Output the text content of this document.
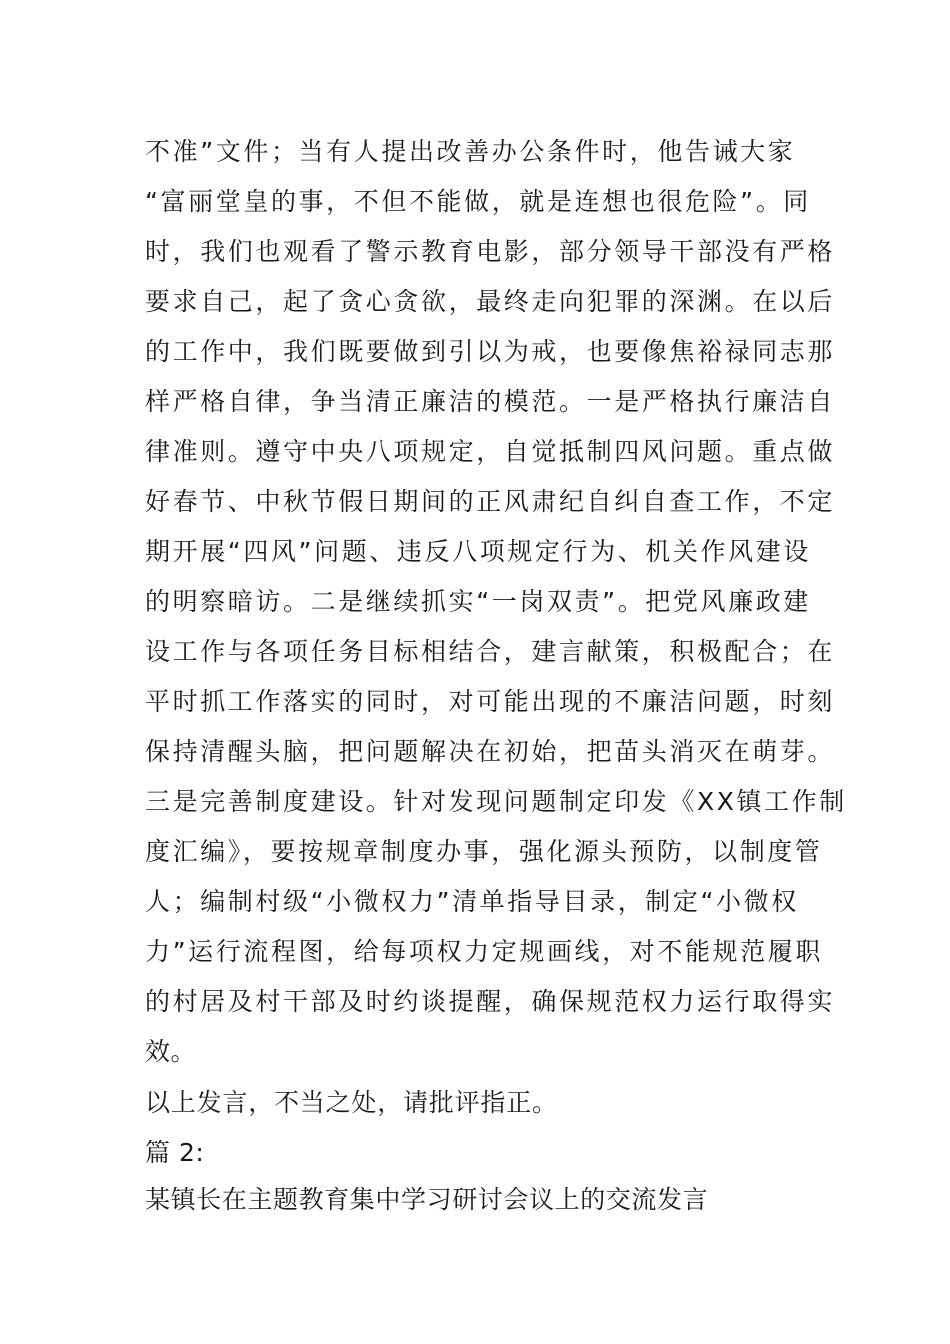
不准”文件；当有人提出改善办公条件时，他告诫大家
“富丽堂皇的事，不但不能做，就是连想也很危险”。同
时，我们也观看了警示教育电影，部分领导干部没有严格
要求自己，起了贪心贪欲，最终走向犯罪的深渊。在以后
的工作中，我们既要做到引以为戒，也要像焦裕禄同志那
样严格自律，争当清正廉洁的模范。一是严格执行廉洁自
律准则。遵守中央八项规定，自觉抵制四风问题。重点做
好春节、中秋节假日期间的正风肃纪自纠自查工作，不定
期开展“四风”问题、违反八项规定行为、机关作风建设
的明察暗访。二是继续抓实“一岗双责”。把党风廉政建
设工作与各项任务目标相结合，建言献策，积极配合；在
平时抓工作落实的同时，对可能出现的不廉洁问题，时刻
保持清醒头脑，把问题解决在初始，把苗头消灭在萌芽。
三是完善制度建设。针对发现问题制定印发《XX镇工作制
度汇编》，要按规章制度办事，强化源头预防，以制度管
人；编制村级“小微权力”清单指导目录，制定“小微权
力”运行流程图，给每项权力定规画线，对不能规范履职
的村居及村干部及时约谈提醒，确保规范权力运行取得实
效。
以上发言，不当之处，请批评指正。
篇 2:
某镇长在主题教育集中学习研讨会议上的交流发言
